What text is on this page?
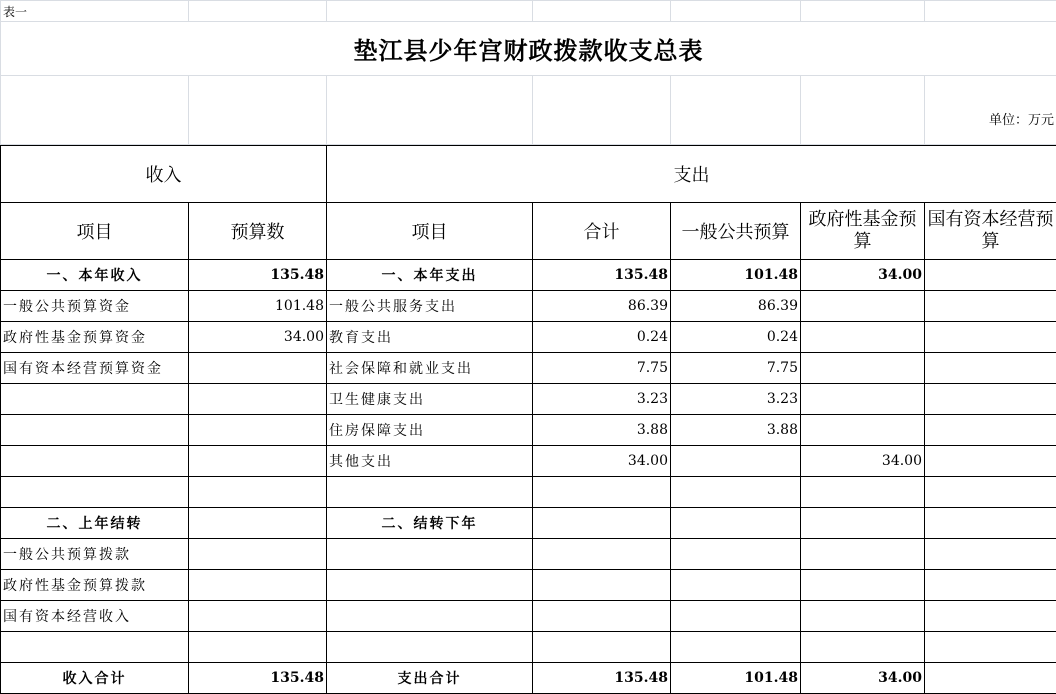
表一						
垫江县少年宫财政拨款收支总表						
						单位：万元
收入		支出				
项目	预算数	项目	合计	一般公共预算	政府性基金预算	国有资本经营预算
一、本年收入	135.48	一、本年支出	135.48	101.48	34.00	
一般公共预算资金	101.48	一般公共服务支出	86.39	86.39		
政府性基金预算资金	34.00	教育支出	0.24	0.24		
国有资本经营预算资金		社会保障和就业支出	7.75	7.75		
		卫生健康支出	3.23	3.23		
		住房保障支出	3.88	3.88		
		其他支出	34.00		34.00	

二、上年结转		二、结转下年				
一般公共预算拨款						
政府性基金预算拨款						
国有资本经营收入						

收入合计	135.48	支出合计	135.48	101.48	34.00	
